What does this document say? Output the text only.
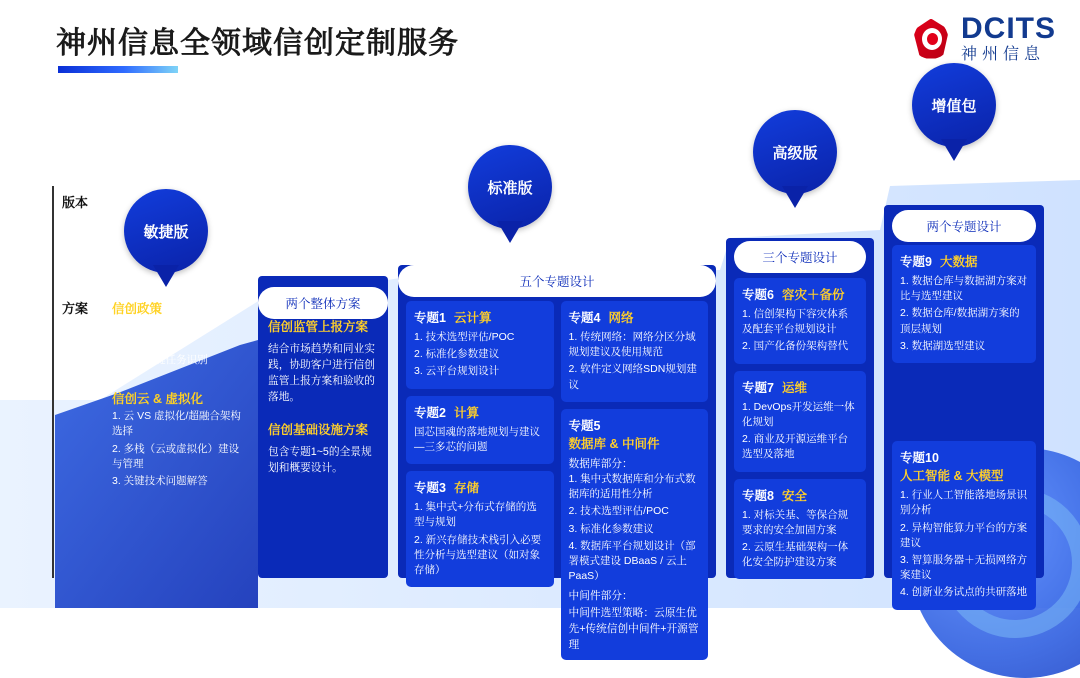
神州信息全领域信创定制服务	DCITS
神州信息
版本
方案
敏捷版
信创政策
1. 政策解读
2. 同业分享
3. 信创关键任务识别
信创云 & 虚拟化
1. 云 VS 虚拟化/超融合架构选择
2. 多栈（云或虚拟化）建设与管理
3. 关键技术问题解答
信创监管上报方案
结合市场趋势和同业实践，协助客户进行信创监管上报方案和验收的落地。
信创基础设施方案
包含专题1~5的全景规划和概要设计。
两个整体方案
标准版
专题1 云计算
1. 技术选型评估/POC
2. 标准化参数建议
3. 云平台规划设计
专题2 计算
国芯国魂的落地规划与建议—三多芯的问题
专题3 存储
1. 集中式+分布式存储的选型与规划
2. 新兴存储技术栈引入必要性分析与选型建议（如对象存储）
专题4 网络
1. 传统网络：网络分区分域规划建议及使用规范
2. 软件定义网络SDN规划建议
专题5
数据库 & 中间件
数据库部分：
1. 集中式数据库和分布式数据库的适用性分析
2. 技术选型评估/POC
3. 标准化参数建议
4. 数据库平台规划设计（部署模式建设 DBaaS / 云上PaaS）
中间件部分：
中间件选型策略：云原生优先+传统信创中间件+开源管理
五个专题设计
高级版
专题6 容灾＋备份
1. 信创架构下容灾体系及配套平台规划设计
2. 国产化备份架构替代
专题7 运维
1. DevOps开发运维一体化规划
2. 商业及开源运维平台选型及落地
专题8 安全
1. 对标关基、等保合规要求的安全加固方案
2. 云原生基础架构一体化安全防护建设方案
三个专题设计
增值包
专题9 大数据
1. 数据仓库与数据湖方案对比与选型建议
2. 数据仓库/数据湖方案的顶层规划
3. 数据湖选型建议
专题10
人工智能 & 大模型
1. 行业人工智能落地场景识别分析
2. 异构智能算力平台的方案建议
3. 智算服务器＋无损网络方案建议
4. 创新业务试点的共研落地
两个专题设计
